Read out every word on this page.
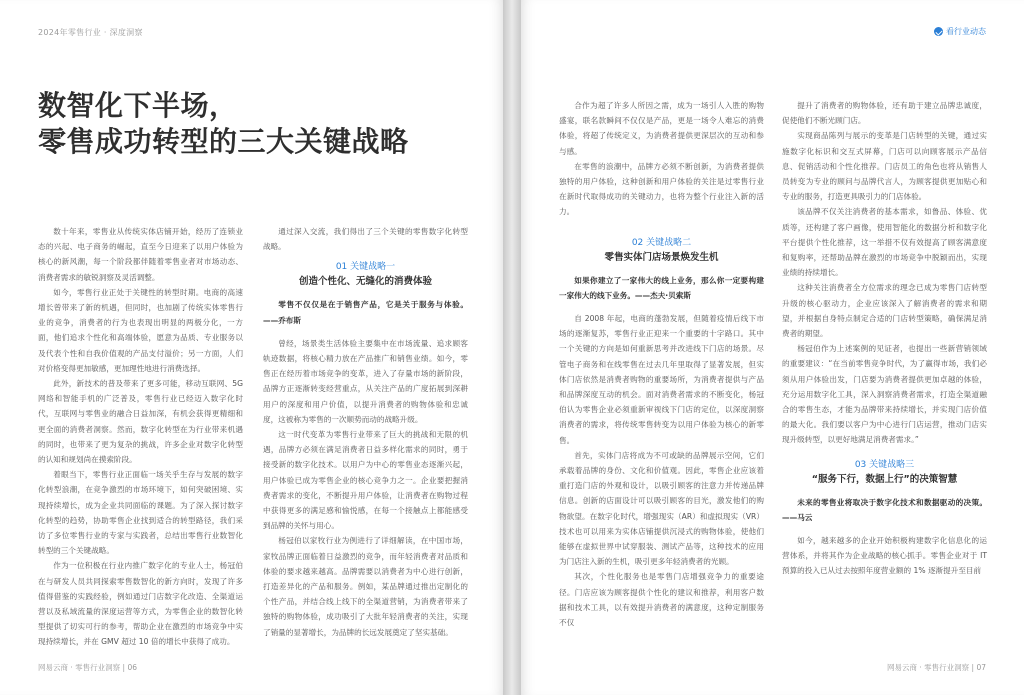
2024年零售行业 · 深度洞察
数智化下半场，
零售成功转型的三大关键战略

数十年来，零售业从传统实体店铺开始，经历了连锁业态的兴起、电子商务的崛起，直至今日迎来了以用户体验为核心的新风潮，每一个阶段都伴随着零售业者对市场动态、消费者需求的敏锐洞察及灵活调整。

如今，零售行业正处于关键性的转型时期。电商的高速增长曾带来了新的机遇，但同时，也加剧了传统实体零售行业的竞争，消费者的行为也表现出明显的两极分化，一方面，他们追求个性化和高端体验，愿意为品质、专业服务以及代表个性和自我价值观的产品支付溢价；另一方面，人们对价格变得更加敏感，更加理性地进行消费选择。

此外，新技术的普及带来了更多可能，移动互联网、5G网络和智能手机的广泛普及，零售行业已经迈入数字化时代，互联网与零售业的融合日益加深，有机会获得更精细和更全面的消费者洞察。然而，数字化转型在为行业带来机遇的同时，也带来了更为复杂的挑战，许多企业对数字化转型的认知和规划尚在摸索阶段。

着眼当下，零售行业正面临一场关乎生存与发展的数字化转型浪潮，在竞争激烈的市场环境下，如何突破困境、实现持续增长，成为企业共同面临的课题。为了深入探讨数字化转型的趋势，协助零售企业找到适合的转型路径，我们采访了多位零售行业的专家与实践者，总结出零售行业数智化转型的三个关键战略。

作为一位积极在行业内推广数字化的专业人士，杨冠伯在与研发人员共同探索零售数智化的新方向时，发现了许多值得借鉴的实践经验，例如通过门店数字化改造、全渠道运营以及私域流量的深度运营等方式，为零售企业的数智化转型提供了切实可行的参考，帮助企业在激烈的市场竞争中实现持续增长，并在 GMV 超过 10 倍的增长中获得了成功。

通过深入交流，我们得出了三个关键的零售数字化转型战略。

01 关键战略一
创造个性化、无缝化的消费体验

零售不仅仅是在于销售产品，它是关于服务与体验。——乔布斯

曾经，场景类生活体验主要集中在市场流量、追求顾客轨迹数据，将核心精力放在产品推广和销售业绩。如今，零售正在经历着市场竞争的变革，进入了存量市场的新阶段，品牌方正逐渐转变经营重点，从关注产品的广度拓展到深耕用户的深度和用户价值，以提升消费者的购物体验和忠诚度，这被称为零售的一次顺势而动的战略升级。

这一时代变革为零售行业带来了巨大的挑战和无限的机遇，品牌方必须在满足消费者日益多样化需求的同时，勇于接受新的数字化技术。以用户为中心的零售业态逐渐兴起，用户体验已成为零售企业的核心竞争力之一。企业要把握消费者需求的变化，不断提升用户体验，让消费者在购物过程中获得更多的满足感和愉悦感，在每一个接触点上都能感受到品牌的关怀与用心。

杨冠伯以家牧行业为例进行了详细解读，在中国市场，家牧品牌正面临着日益激烈的竞争，而年轻消费者对品质和体验的要求越来越高。品牌需要以消费者为中心进行创新，打造差异化的产品和服务。例如，某品牌通过推出定制化的个性产品，并结合线上线下的全渠道营销，为消费者带来了独特的购物体验，成功吸引了大批年轻消费者的关注，实现了销量的显著增长，为品牌的长远发展奠定了坚实基础。

网易云商 · 零售行业洞察 | 06
看行业动态

合作为超了许多人所因之需，成为一场引人入胜的购物盛宴，联名款瞬间不仅仅是产品，更是一场令人难忘的消费体验，将超了传统定义，为消费者提供更深层次的互动和参与感。

在零售的浪潮中，品牌方必须不断创新，为消费者提供独特的用户体验，这种创新和用户体验的关注是过零售行业在新时代取得成功的关键动力，也将为整个行业注入新的活力。

02 关键战略二
零售实体门店场景焕发生机

如果你建立了一家伟大的线上业务，那么你一定要构建一家伟大的线下业务。——杰夫·贝索斯

自 2008 年起，电商的蓬勃发展，但随着疫情后线下市场的逐渐复苏，零售行业正迎来一个重要的十字路口。其中一个关键的方向是如何重新思考并改进线下门店的场景。尽管电子商务和在线零售在过去几年里取得了显著发展，但实体门店依然是消费者购物的重要场所，为消费者提供与产品和品牌深度互动的机会。面对消费者需求的不断变化，杨冠伯认为零售企业必须重新审视线下门店的定位，以深度洞察消费者的需求，将传统零售转变为以用户体验为核心的新零售。

首先，实体门店将成为不可或缺的品牌展示空间，它们承载着品牌的身份、文化和价值观。因此，零售企业应该着重打造门店的外观和设计，以吸引顾客的注意力并传递品牌信息。创新的店面设计可以吸引顾客的目光，激发他们的购物欲望。在数字化时代，增强现实（AR）和虚拟现实（VR）技术也可以用来为实体店铺提供沉浸式的购物体验，使他们能够在虚拟世界中试穿服装、测试产品等，这种技术的应用为门店注入新的生机，吸引更多年轻消费者的光顾。

其次，个性化服务也是零售门店增强竞争力的重要途径。门店应该为顾客提供个性化的建议和推荐，利用客户数据和技术工具，以有效提升消费者的满意度，这种定制服务不仅

提升了消费者的购物体验，还有助于建立品牌忠诚度，促使他们不断光顾门店。

实现商品陈列与展示的变革是门店转型的关键，通过实施数字化标识和交互式屏幕，门店可以向顾客展示产品信息、促销活动和个性化推荐。门店员工的角色也将从销售人员转变为专业的顾问与品牌代言人，为顾客提供更加贴心和专业的服务，打造更具吸引力的门店体验。

该品牌不仅关注消费者的基本需求，如鲁品、体验、优质等，还构建了客户画像，使用智能化的数据分析和数字化平台提供个性化推荐，这一举措不仅有效提高了顾客满意度和复购率，还帮助品牌在激烈的市场竞争中脱颖而出，实现业绩的持续增长。

这种关注消费者全方位需求的理念已成为零售门店转型升级的核心驱动力，企业应该深入了解消费者的需求和期望，并根据自身特点制定合适的门店转型策略，确保满足消费者的期望。

杨冠伯作为上述案例的见证者，也提出一些新营销领域的重要建议：“在当前零售竞争时代，为了赢得市场，我们必须从用户体验出发，门店要为消费者提供更加卓越的体验，充分运用数字化工具，深入洞察消费者需求，打造全渠道融合的零售生态，才能为品牌带来持续增长，并实现门店价值的最大化。我们要以客户为中心进行门店运营，推动门店实现升级转型，以更好地满足消费者需求。”

03 关键战略三
“服务下行，数据上行”的决策智慧

未来的零售业将取决于数字化技术和数据驱动的决策。——马云

如今，越来越多的企业开始积极构建数字化信息化的运营体系，并将其作为企业战略的核心抓手。零售企业对于 IT 预算的投入已从过去按照年度营业额的 1% 逐渐提升至目前

网易云商 · 零售行业洞察 | 07
